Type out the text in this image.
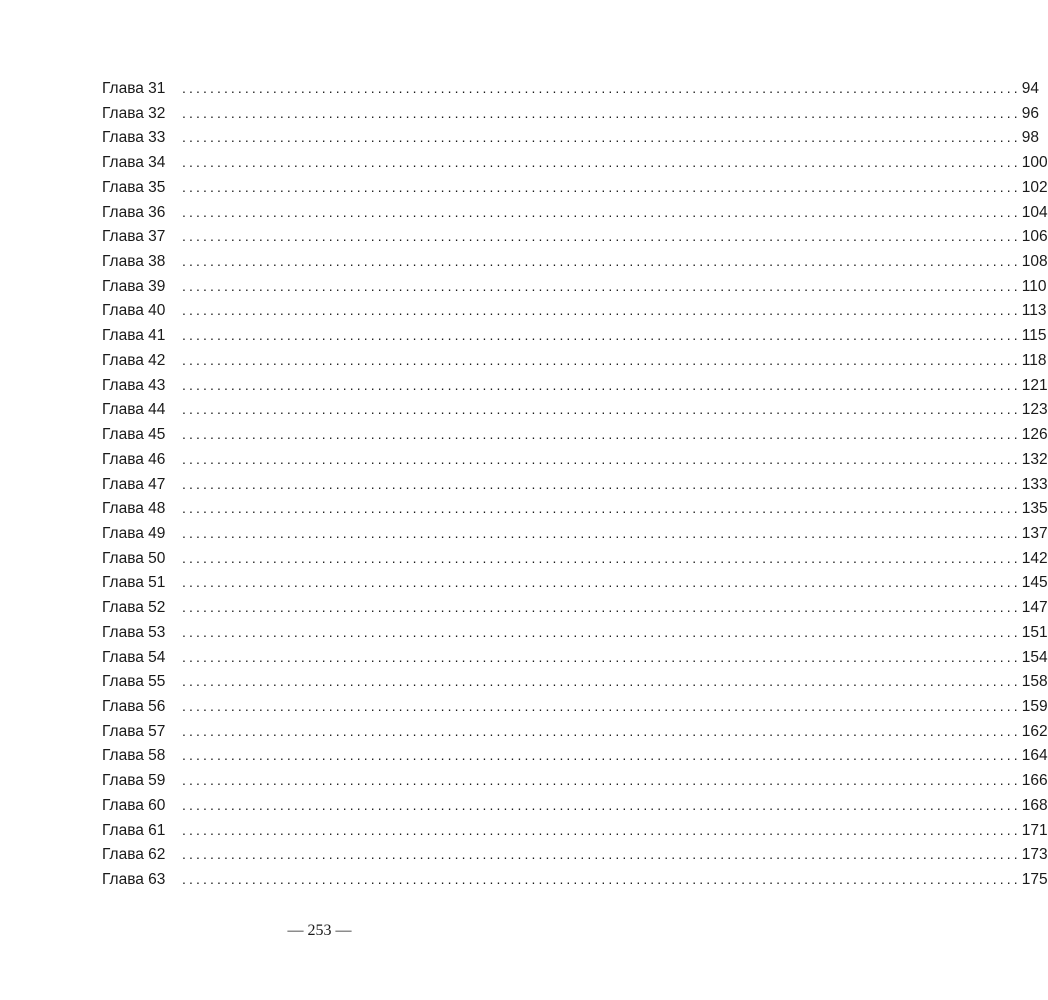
Глава 31	........................................................................................................................ 94
Глава 32	........................................................................................................................ 96
Глава 33	........................................................................................................................ 98
Глава 34	........................................................................................................................ 100
Глава 35	........................................................................................................................ 102
Глава 36	........................................................................................................................ 104
Глава 37	........................................................................................................................ 106
Глава 38	........................................................................................................................ 108
Глава 39	........................................................................................................................ 110
Глава 40	........................................................................................................................ 113
Глава 41	........................................................................................................................ 115
Глава 42	........................................................................................................................ 118
Глава 43	........................................................................................................................ 121
Глава 44	........................................................................................................................ 123
Глава 45	........................................................................................................................ 126
Глава 46	........................................................................................................................ 132
Глава 47	........................................................................................................................ 133
Глава 48	........................................................................................................................ 135
Глава 49	........................................................................................................................ 137
Глава 50	........................................................................................................................ 142
Глава 51	........................................................................................................................ 145
Глава 52	........................................................................................................................ 147
Глава 53	........................................................................................................................ 151
Глава 54	........................................................................................................................ 154
Глава 55	........................................................................................................................ 158
Глава 56	........................................................................................................................ 159
Глава 57	........................................................................................................................ 162
Глава 58	........................................................................................................................ 164
Глава 59	........................................................................................................................ 166
Глава 60	........................................................................................................................ 168
Глава 61	........................................................................................................................ 171
Глава 62	........................................................................................................................ 173
Глава 63	........................................................................................................................ 175
— 253 —
